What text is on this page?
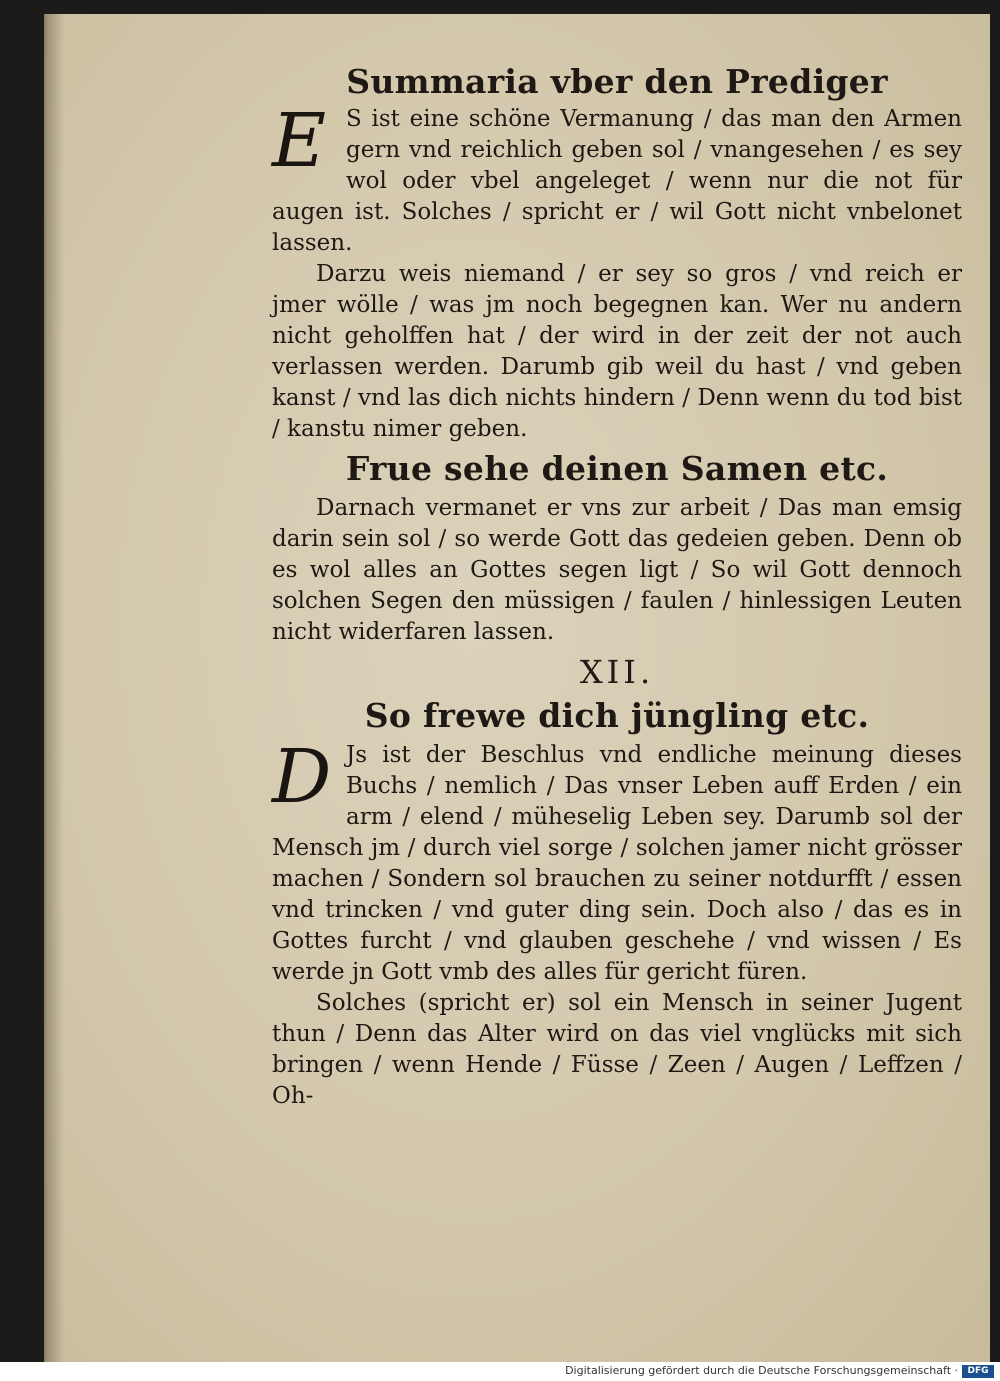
Summaria vber den Prediger

E S ist eine schöne Vermanung / das man den Armen gern vnd reichlich geben sol / vnangesehen / es sey wol oder vbel angeleget / wenn nur die not für augen ist. Solches / spricht er / wil Gott nicht vnbelonet lassen.

Darzu weis niemand / er sey so gros / vnd reich er jmer wölle / was jm noch begegnen kan. Wer nu andern nicht geholffen hat / der wird in der zeit der not auch verlassen werden. Darumb gib weil du hast / vnd geben kanst / vnd las dich nichts hindern / Denn wenn du tod bist / kanstu nimer geben.

Frue sehe deinen Samen etc.

Darnach vermanet er vns zur arbeit / Das man emsig darin sein sol / so werde Gott das gedeien geben. Denn ob es wol alles an Gottes segen ligt / So wil Gott dennoch solchen Segen den müssigen / faulen / hinlessigen Leuten nicht widerfaren lassen.

XII.
So frewe dich jüngling etc.

D Js ist der Beschlus vnd endliche meinung dieses Buchs / nemlich / Das vnser Leben auff Erden / ein arm / elend / müheselig Leben sey. Darumb sol der Mensch jm / durch viel sorge / solchen jamer nicht grösser machen / Sondern sol brauchen zu seiner notdurfft / essen vnd trincken / vnd guter ding sein. Doch also / das es in Gottes furcht / vnd glauben geschehe / vnd wissen / Es werde jn Gott vmb des alles für gericht füren.

Solches (spricht er) sol ein Mensch in seiner Jugent thun / Denn das Alter wird on das viel vnglücks mit sich bringen / wenn Hende / Füsse / Zeen / Augen / Leffzen / Oh-

Digitalisierung gefördert durch die Deutsche Forschungsgemeinschaft ·	DFG
